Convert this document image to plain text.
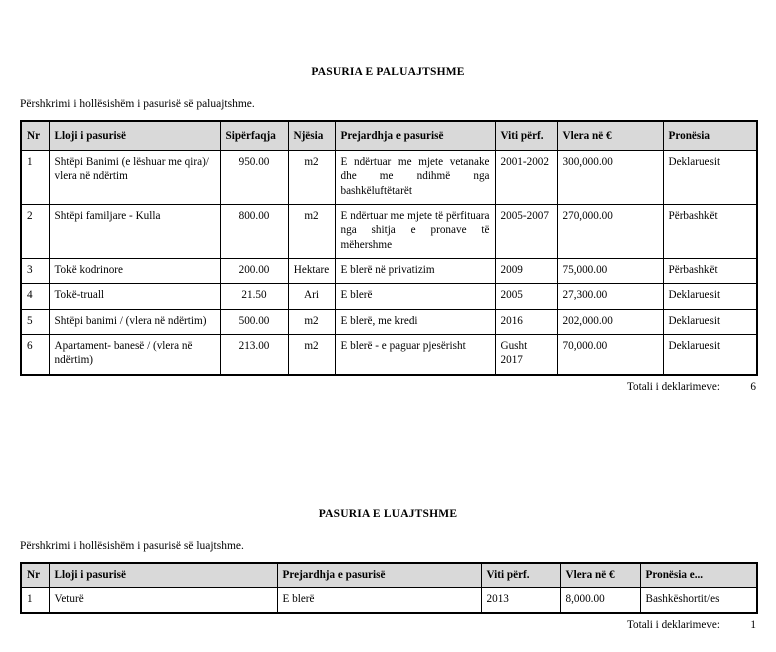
PASURIA E PALUAJTSHME
Përshkrimi i hollësishëm i pasurisë së paluajtshme.
Nr	Lloji i pasurisë	Sipërfaqja	Njësia	Prejardhja e pasurisë	Viti përf.	Vlera në €	Pronësia
1	Shtëpi Banimi (e lëshuar me qira)/ vlera në ndërtim	950.00	m2	E ndërtuar me mjete vetanake dhe me ndihmë nga bashkëluftëtarët	2001-2002	300,000.00	Deklaruesit
2	Shtëpi familjare - Kulla	800.00	m2	E ndërtuar me mjete të përfituara nga shitja e pronave të mëhershme	2005-2007	270,000.00	Përbashkët
3	Tokë kodrinore	200.00	Hektare	E blerë në privatizim	2009	75,000.00	Përbashkët
4	Tokë-truall	21.50	Ari	E blerë	2005	27,300.00	Deklaruesit
5	Shtëpi banimi / (vlera në ndërtim)	500.00	m2	E blerë, me kredi	2016	202,000.00	Deklaruesit
6	Apartament- banesë / (vlera në ndërtim)	213.00	m2	E blerë - e paguar pjesërisht	Gusht 2017	70,000.00	Deklaruesit
Totali i deklarimeve:	6
PASURIA E LUAJTSHME
Përshkrimi i hollësishëm i pasurisë së luajtshme.
Nr	Lloji i pasurisë	Prejardhja e pasurisë	Viti përf.	Vlera në €	Pronësia e...
1	Veturë	E blerë	2013	8,000.00	Bashkëshortit/es
Totali i deklarimeve:	1
